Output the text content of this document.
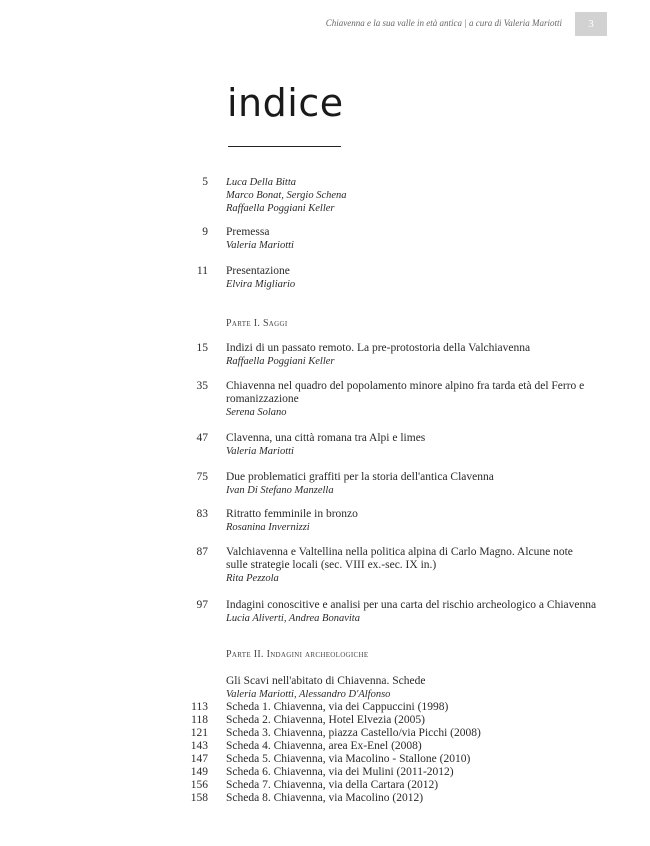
Chiavenna e la sua valle in età antica | a cura di Valeria Mariotti 3
indice
5 Luca Della Bitta
Marco Bonat, Sergio Schena
Raffaella Poggiani Keller
9 Premessa
Valeria Mariotti
11 Presentazione
Elvira Migliario
Parte I. Saggi
15 Indizi di un passato remoto. La pre-protostoria della Valchiavenna
Raffaella Poggiani Keller
35 Chiavenna nel quadro del popolamento minore alpino fra tarda età del Ferro e romanizzazione
Serena Solano
47 Clavenna, una città romana tra Alpi e limes
Valeria Mariotti
75 Due problematici graffiti per la storia dell'antica Clavenna
Ivan Di Stefano Manzella
83 Ritratto femminile in bronzo
Rosanina Invernizzi
87 Valchiavenna e Valtellina nella politica alpina di Carlo Magno. Alcune note sulle strategie locali (sec. VIII ex.-sec. IX in.)
Rita Pezzola
97 Indagini conoscitive e analisi per una carta del rischio archeologico a Chiavenna
Lucia Aliverti, Andrea Bonavita
Parte II. Indagini archeologiche
Gli Scavi nell'abitato di Chiavenna. Schede
Valeria Mariotti, Alessandro D'Alfonso
113 Scheda 1. Chiavenna, via dei Cappuccini (1998)
118 Scheda 2. Chiavenna, Hotel Elvezia (2005)
121 Scheda 3. Chiavenna, piazza Castello/via Picchi (2008)
143 Scheda 4. Chiavenna, area Ex-Enel (2008)
147 Scheda 5. Chiavenna, via Macolino - Stallone (2010)
149 Scheda 6. Chiavenna, via dei Mulini (2011-2012)
156 Scheda 7. Chiavenna, via della Cartara (2012)
158 Scheda 8. Chiavenna, via Macolino (2012)
